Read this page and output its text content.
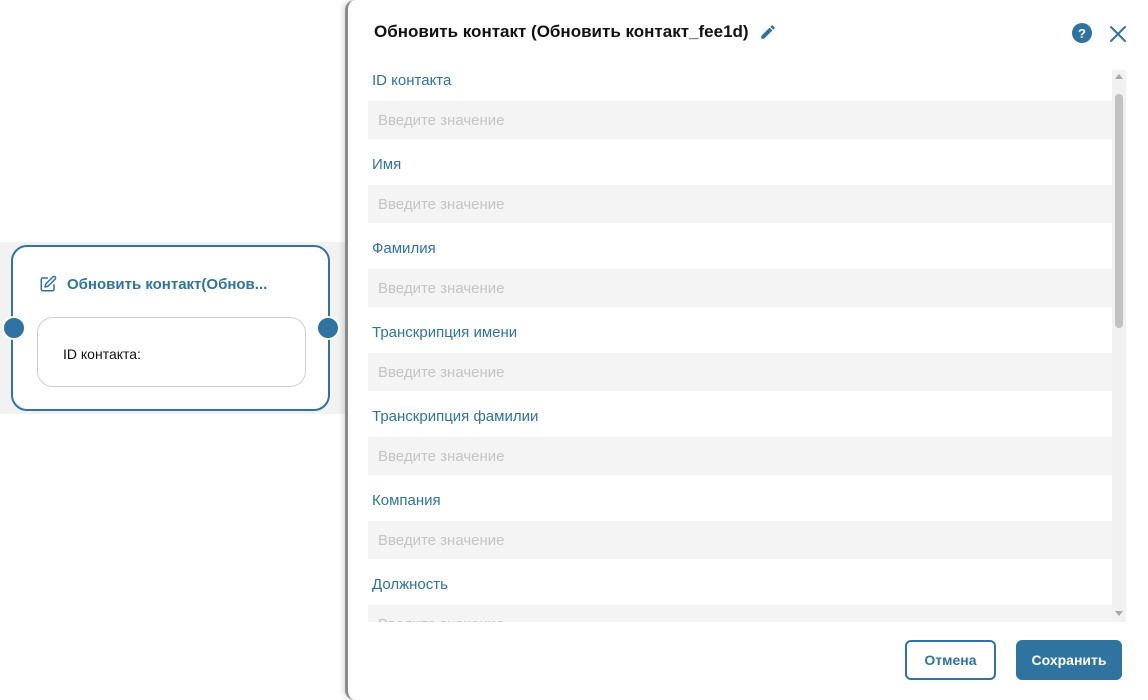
Обновить контакт(Обнов...
ID контакта:
Обновить контакт (Обновить контакт_fee1d)	?
ID контакта
Введите значение
Имя
Введите значение
Фамилия
Введите значение
Транскрипция имени
Введите значение
Транскрипция фамилии
Введите значение
Компания
Введите значение
Должность
Введите значение
Отмена	Сохранить
